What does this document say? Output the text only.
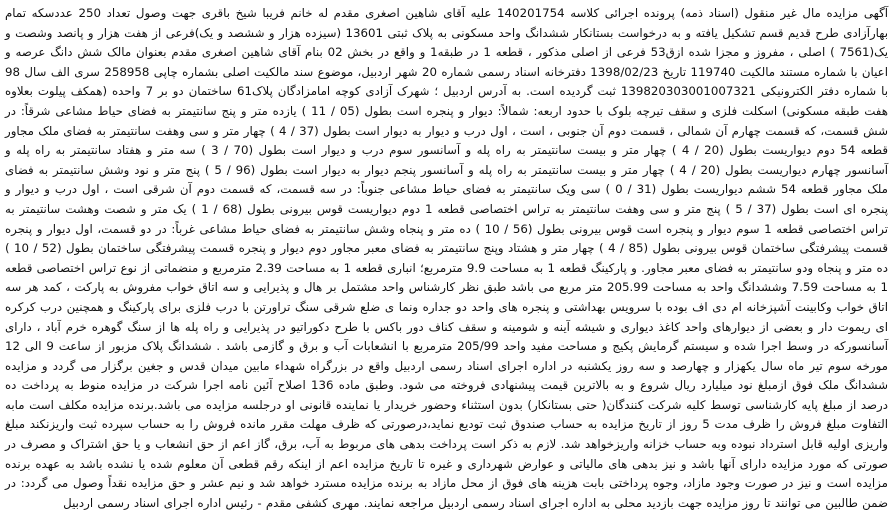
آگهی مزایده مال غیر منقول (اسناد ذمه) پرونده اجرائی کلاسه 140201754 علیه آقای شاهین اصغری مقدم له خانم فریبا شیخ باقری جهت وصول تعداد 250 عددسکه تمام بهارآزادی طرح قدیم قسم تشکیل یافته و به درخواست بستانکار ششدانگ واحد مسکونی به پلاک ثبتی 13601 (سیزده هزار و ششصد و یک)فرعی از هفت هزار و پانصد وشصت و یک(7561 ) اصلی ، مفروز و مجزا شده ازق53 فرعی از اصلی مذکور ، قطعه 1 در طبقه1 و واقع در بخش 02 بنام آقای شاهین اصغری مقدم بعنوان مالک شش دانگ عرصه و اعیان با شماره مستند مالکیت 119740 تاریخ 1398/02/23 دفترخانه اسناد رسمی شماره 20 شهر اردبیل، موضوع سند مالکیت اصلی بشماره چاپی 258958 سری الف سال 98 با شماره دفتر الکترونیکی 139820303001007321 ثبت گردیده است. به آدرس اردبیل ؛ شهرک آزادی کوچه امامزادگان پلاک61 ساختمان دو بر 7 واحده (همکف پیلوت بعلاوه هفت طبقه مسکونی) اسکلت فلزی و سقف تیرچه بلوک با حدود اربعه: شمالاً: دیوار و پنجره است بطول (05 / 11 ) یازده متر و پنج سانتیمتر به فضای حیاط مشاعی شرقاً: در شش قسمت، که قسمت چهارم آن شمالی ، قسمت دوم آن جنوبی ، است ، اول درب و دیوار به دیوار است بطول (37 / 4 ) چهار متر و سی وهفت سانتیمتر به فضای ملک مجاور قطعه 54 دوم دیواریست بطول (20 / 4 ) چهار متر و بیست سانتیمتر به راه پله و آسانسور سوم درب و دیوار است بطول (70 / 3 ) سه متر و هفتاد سانتیمتر به راه پله و آسانسور چهارم دیواریست بطول (20 / 4 ) چهار متر و بیست سانتیمتر به راه پله و آسانسور پنجم دیوار به دیوار است بطول (96 / 5 ) پنج متر و نود وشش سانتیمتر به فضای ملک مجاور قطعه 54 ششم دیواریست بطول (31 / 0 ) سی ویک سانتیمتر به فضای حیاط مشاعی جنوباً: در سه قسمت، که قسمت دوم آن شرقی است ، اول درب و دیوار و پنجره ای است بطول (37 / 5 ) پنج متر و سی وهفت سانتیمتر به تراس اختصاصی قطعه 1 دوم دیواریست قوس بیرونی بطول (68 / 1 ) یک متر و شصت وهشت سانتیمتر به تراس اختصاصی قطعه 1 سوم دیوار و پنجره است قوس بیرونی بطول (56 / 10 ) ده متر و پنجاه وشش سانتیمتر به فضای حیاط مشاعی غرباً: در دو قسمت، اول دیوار و پنجره قسمت پیشرفتگی ساختمان قوس بیرونی بطول (85 / 4 ) چهار متر و هشتاد وپنج سانتیمتر به فضای معبر مجاور دوم دیوار و پنجره قسمت پیشرفتگی ساختمان بطول (52 / 10 ) ده متر و پنجاه ودو سانتیمتر به فضای معبر مجاور. و پارکینگ قطعه 1 به مساحت 9.9 مترمربع؛ انباری قطعه 1 به مساحت 2.39 مترمربع و منضماتی از نوع تراس اختصاصی قطعه 1 به مساحت 7.59 وششدانگ واحد به مساحت 205.99 متر مربع می باشد طبق نظر کارشناس واحد مشتمل بر هال و پذیرایی و سه اتاق خواب مفروش به پارکت ، کمد هر سه اتاق خواب وکابینت آشپزخانه ام دی اف بوده با سرویس بهداشتی و پنجره های واحد دو جداره ونما ی ضلع شرقی سنگ تراورتن با درب فلزی برای پارکینگ و همچنین درب کرکره ای ریموت دار و بعضی از دیوارهای واحد کاغذ دیواری و شیشه آینه و شومینه و سقف کناف دور باکس با طرح دکوراتیو در پذیرایی و راه پله ها از سنگ گوهره خرم آباد ، دارای آسانسورکه در وسط اجرا شده و سیستم گرمایش پکیج و مساحت مفید واحد 205/99 مترمربع با انشعابات آب و برق و گازمی باشد . ششدانگ پلاک مزبور از ساعت 9 الی 12 مورخه سوم تیر ماه سال یکهزار و چهارصد و سه روز یکشنبه در اداره اجرای اسناد رسمی اردبیل واقع در بزرگراه شهداء مابین میدان قدس و جغین برگزار می گردد و مزایده ششدانگ ملک فوق ازمبلغ نود میلیارد ریال شروع و به بالاترین قیمت پیشنهادی فروخته می شود. وطبق ماده 136 اصلاح آئین نامه اجرا شرکت در مزایده منوط به پرداخت ده درصد از مبلغ پایه کارشناسی توسط کلیه شرکت کنندگان( حتی بستانکار) بدون استثناء وحضور خریدار یا نماینده قانونی او درجلسه مزایده می باشد.برنده مزایده مکلف است مابه التفاوت مبلغ فروش را ظرف مدت 5 روز از تاریخ مزایده به حساب صندوق ثبت تودیع نماید،درصورتی که ظرف مهلت مقرر مانده فروش را به حساب سپرده ثبت واریزنکند مبلغ واریزی اولیه قابل استرداد نبوده وبه حساب خزانه واریزخواهد شد. لازم به ذکر است پرداخت بدهی های مربوط به آب، برق، گاز اعم از حق انشعاب و یا حق اشتراک و مصرف در صورتی که مورد مزایده دارای آنها باشد و نیز بدهی های مالیاتی و عوارض شهرداری و غیره تا تاریخ مزایده اعم از اینکه رقم قطعی آن معلوم شده یا نشده باشد به عهده برنده مزایده است و نیز در صورت وجود مازاد، وجوه پرداختی بابت هزینه های فوق از محل مازاد به برنده مزایده مسترد خواهد شد و نیم عشر و حق مزایده نقداً وصول می گردد: در ضمن طالبین می توانند تا روز مزایده جهت بازدید محلی به اداره اجرای اسناد رسمی اردبیل مراجعه نمایند. مهری کشفی مقدم - رئیس اداره اجرای اسناد رسمی اردبیل
